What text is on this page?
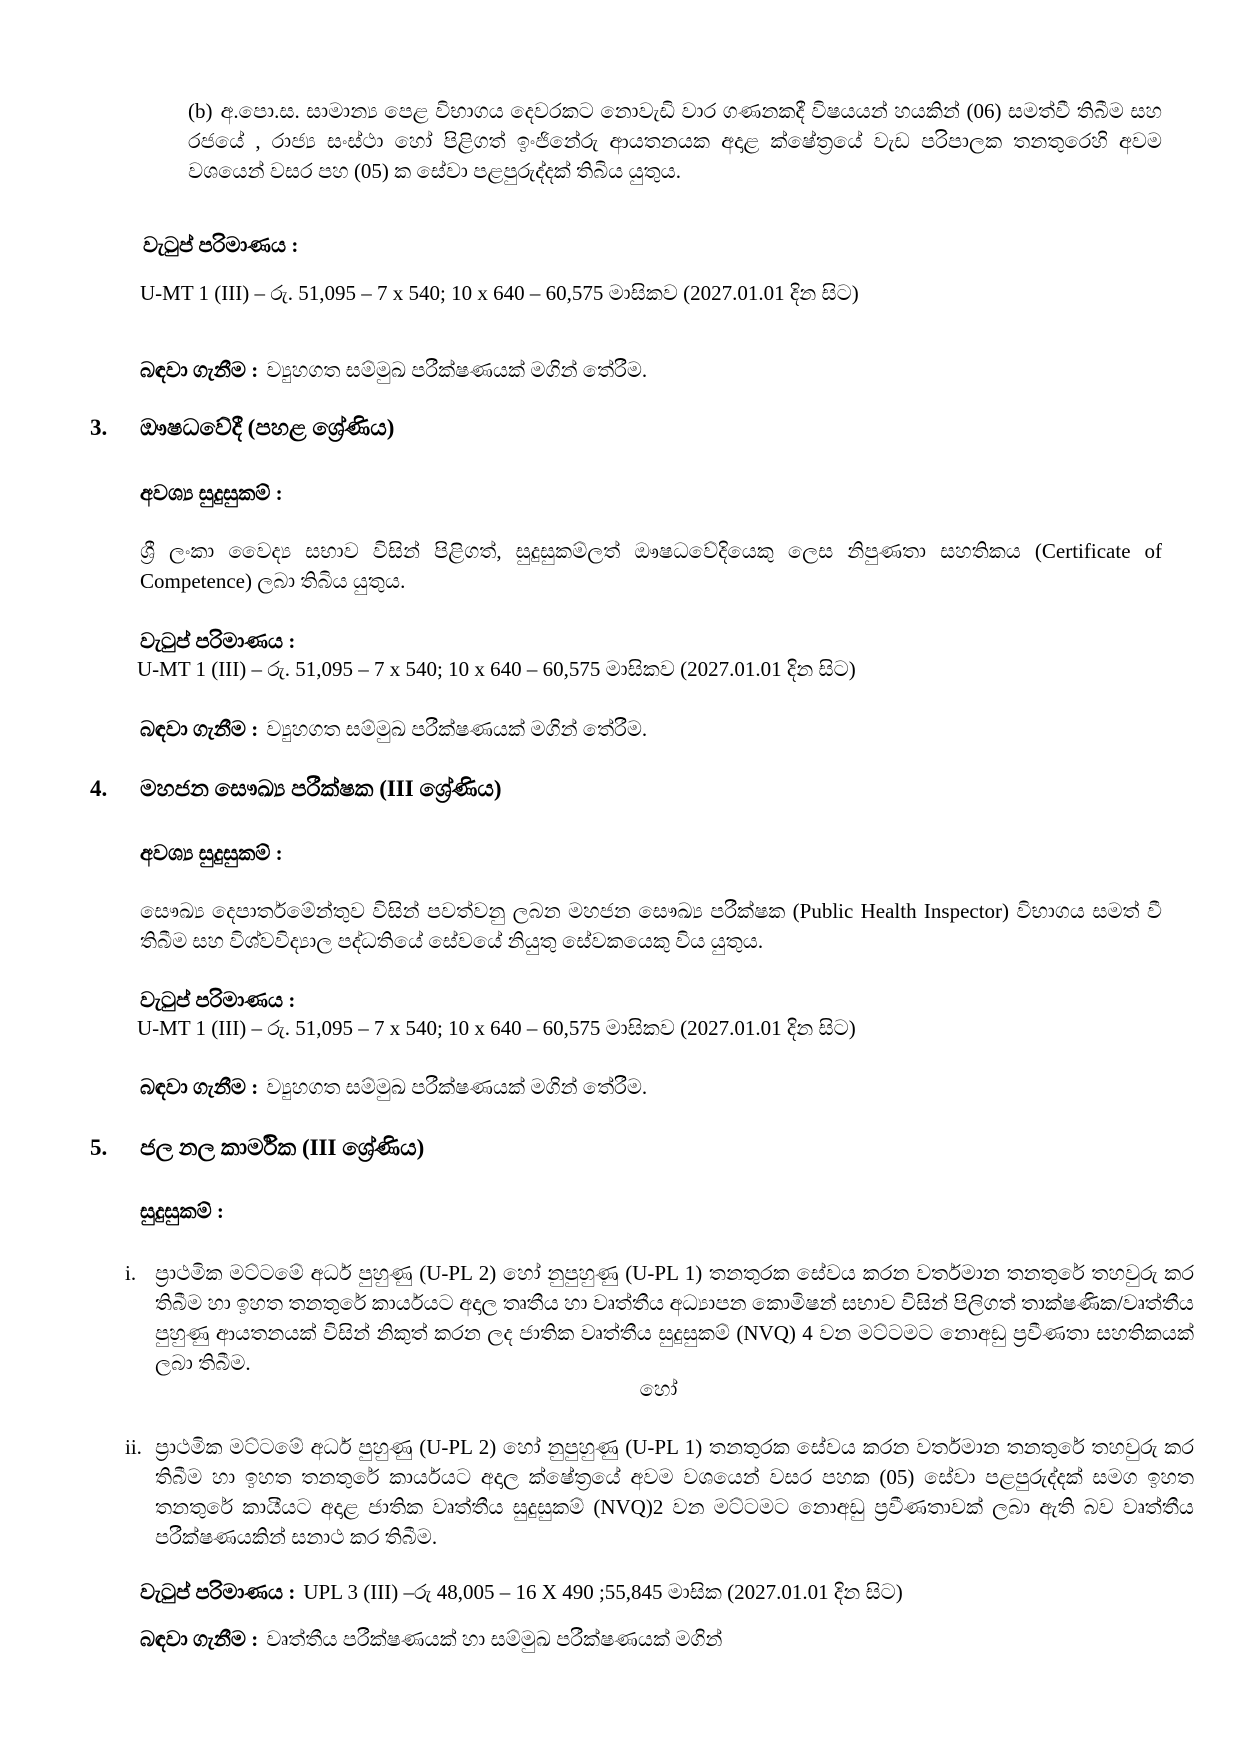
(b) අ.පො.ස. සාමාන්‍ය පෙළ විභාගය දෙවරකට නොවැඩි වාර ගණනකදී විෂයයන් හයකින් (06) සමත්වී තිබීම සහ රජයේ , රාජ්‍ය සංස්ථා හෝ පිළිගත් ඉංජිනේරු ආයතනයක අදාළ ක්ෂේත්‍රයේ වැඩ පරිපාලක තනතුරෙහි අවම වශයෙන් වසර පහ (05) ක සේවා පළපුරුද්දක් තිබිය යුතුය.
වැටුප් පරිමාණය :
U-MT 1 (III) – රු. 51,095 – 7 x 540; 10 x 640 – 60,575 මාසිකව (2027.01.01 දින සිට)
බඳවා ගැනීම : ව්‍යුහගත සම්මුඛ පරීක්ෂණයක් මගින් තේරීම.
3. ඖෂධවේදී (පහළ ශ්‍රේණිය)
අවශ්‍ය සුදුසුකම් :
ශ්‍රී ලංකා වෛද්‍ය සභාව විසින් පිළිගත්, සුදුසුකම්ලත් ඖෂධවේදියෙකු ලෙස නිපුණතා සහතිකය (Certificate of Competence) ලබා තිබිය යුතුය.
වැටුප් පරිමාණය :
U-MT 1 (III) – රු. 51,095 – 7 x 540; 10 x 640 – 60,575 මාසිකව (2027.01.01 දින සිට)
බඳවා ගැනීම : ව්‍යුහගත සම්මුඛ පරීක්ෂණයක් මගින් තේරීම.
4. මහජන සෞඛ්‍ය පරීක්ෂක (III ශ්‍රේණිය)
අවශ්‍ය සුදුසුකම් :
සෞඛ්‍ය දෙපාර්තමේන්තුව විසින් පවත්වනු ලබන මහජන සෞඛ්‍ය පරීක්ෂක (Public Health Inspector) විභාගය සමත් වී තිබීම සහ විශ්වවිද්‍යාල පද්ධතියේ සේවයේ නියුතු සේවකයෙකු විය යුතුය.
වැටුප් පරිමාණය :
U-MT 1 (III) – රු. 51,095 – 7 x 540; 10 x 640 – 60,575 මාසිකව (2027.01.01 දින සිට)
බඳවා ගැනීම : ව්‍යුහගත සම්මුඛ පරීක්ෂණයක් මගින් තේරීම.
5. ජල නල කාර්මික (III ශ්‍රේණිය)
සුදුසුකම් :
i. ප්‍රාථමික මට්ටමේ අර්ධ පුහුණු (U-PL 2) හෝ නුපුහුණු (U-PL 1) තනතුරක සේවය කරන වර්තමාන තනතුරේ තහවුරු කර තිබීම හා ඉහත තනතුරේ කාර්යයට අදාල තෘතීය හා වෘත්තීය අධ්‍යාපන කොමිෂන් සභාව විසින් පිලිගත් තාක්ෂණික/වෘත්තීය පුහුණු ආයතනයක් විසින් නිකුත් කරන ලද ජාතික වෘත්තීය සුදුසුකම් (NVQ) 4 වන මට්ටමට නොඅඩු ප්‍රවීණතා සහතිකයක් ලබා තිබීම.
හෝ
ii. ප්‍රාථමික මට්ටමේ අර්ධ පුහුණු (U-PL 2) හෝ නුපුහුණු (U-PL 1) තනතුරක සේවය කරන වර්තමාන තනතුරේ තහවුරු කර තිබීම හා ඉහත තනතුරේ කාර්යයට අදාල ක්ෂේත්‍රයේ අවම වශයෙන් වසර පහක (05) සේවා පළපුරුද්දක් සමග ඉහත තනතුරේ කායීයට අදාළ ජාතික වෘත්තීය සුදුසුකම් (NVQ)2 වන මට්ටමට නොඅඩු ප්‍රවීණතාවක් ලබා ඇති බව වෘත්තීය පරීක්ෂණයකින් සනාථ කර තිබීම.
වැටුප් පරිමාණය : UPL 3 (III) –රු 48,005 – 16 X 490 ;55,845 මාසික (2027.01.01 දින සිට)
බඳවා ගැනීම : වෘත්තීය පරීක්ෂණයක් හා සම්මුඛ පරීක්ෂණයක් මගින්
